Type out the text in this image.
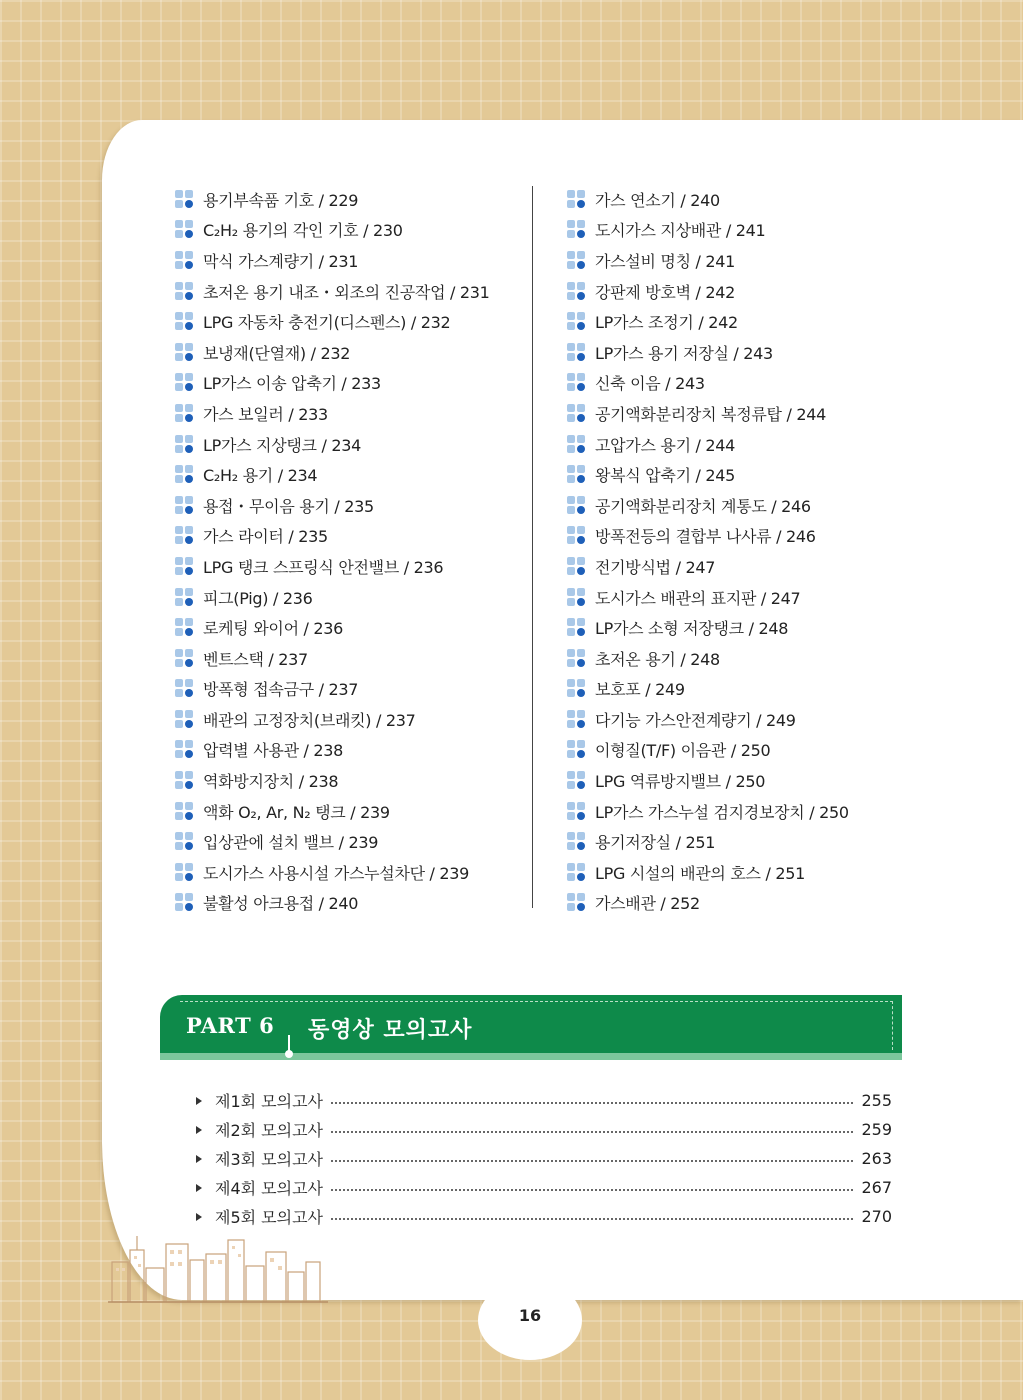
16
용기부속품 기호 / 229
C₂H₂ 용기의 각인 기호 / 230
막식 가스계량기 / 231
초저온 용기 내조・외조의 진공작업 / 231
LPG 자동차 충전기(디스펜스) / 232
보냉재(단열재) / 232
LP가스 이송 압축기 / 233
가스 보일러 / 233
LP가스 지상탱크 / 234
C₂H₂ 용기 / 234
용접・무이음 용기 / 235
가스 라이터 / 235
LPG 탱크 스프링식 안전밸브 / 236
피그(Pig) / 236
로케팅 와이어 / 236
벤트스택 / 237
방폭형 접속금구 / 237
배관의 고정장치(브래킷) / 237
압력별 사용관 / 238
역화방지장치 / 238
액화 O₂, Ar, N₂ 탱크 / 239
입상관에 설치 밸브 / 239
도시가스 사용시설 가스누설차단 / 239
불활성 아크용접 / 240
가스 연소기 / 240
도시가스 지상배관 / 241
가스설비 명칭 / 241
강판제 방호벽 / 242
LP가스 조정기 / 242
LP가스 용기 저장실 / 243
신축 이음 / 243
공기액화분리장치 복정류탑 / 244
고압가스 용기 / 244
왕복식 압축기 / 245
공기액화분리장치 계통도 / 246
방폭전등의 결합부 나사류 / 246
전기방식법 / 247
도시가스 배관의 표지판 / 247
LP가스 소형 저장탱크 / 248
초저온 용기 / 248
보호포 / 249
다기능 가스안전계량기 / 249
이형질(T/F) 이음관 / 250
LPG 역류방지밸브 / 250
LP가스 가스누설 검지경보장치 / 250
용기저장실 / 251
LPG 시설의 배관의 호스 / 251
가스배관 / 252
PART 6 동영상 모의고사
제1회 모의고사	255
제2회 모의고사	259
제3회 모의고사	263
제4회 모의고사	267
제5회 모의고사	270
